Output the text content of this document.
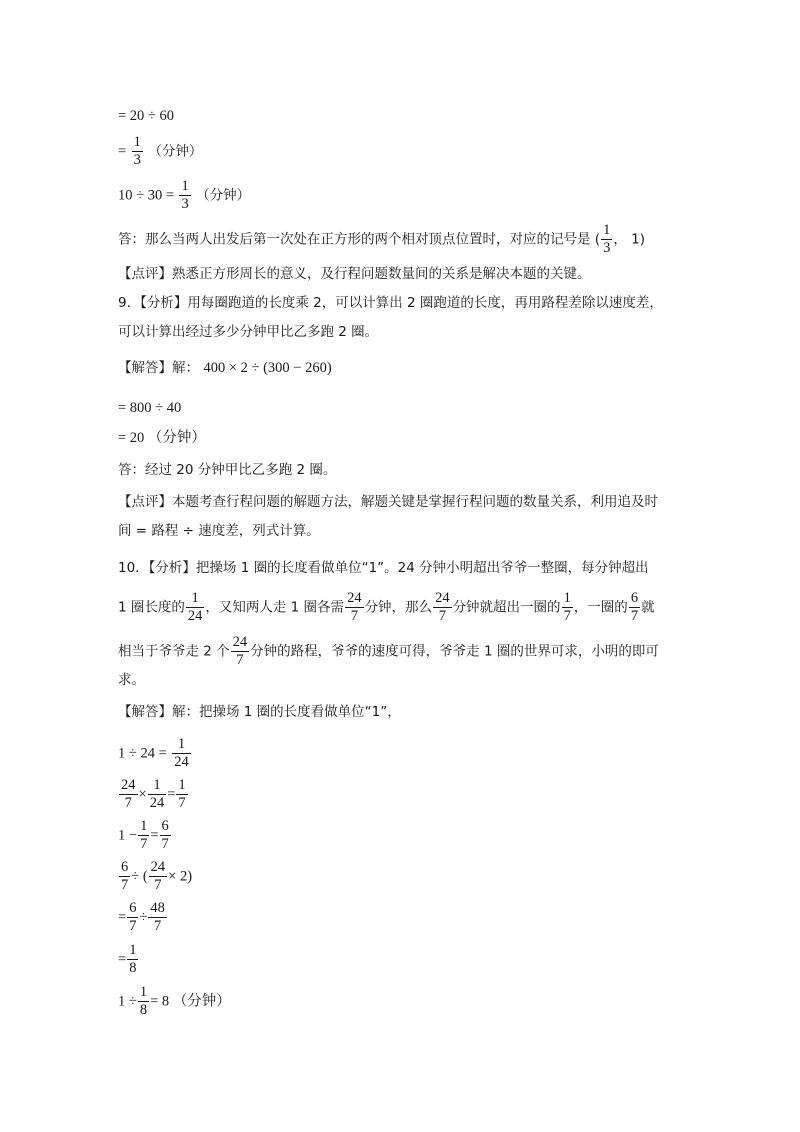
= 20 ÷ 60
= $\frac{1}{3}$ （分钟）
$10 \div 30 = \frac{1}{3}$ （分钟）
答：那么当两人出发后第一次处在正方形的两个相对顶点位置时，对应的记号是 ( $\frac{1}{3}$ ， 1)
【点评】熟悉正方形周长的意义，及行程问题数量间的关系是解决本题的关键。
9．【分析】用每圈跑道的长度乘 2，可以计算出 2 圈跑道的长度，再用路程差除以速度差，
可以计算出经过多少分钟甲比乙多跑 2 圈。
【解答】解： 400 × 2 ÷ (300 − 260)
= 800 ÷ 40
= 20 （分钟）
答：经过 20 分钟甲比乙多跑 2 圈。
【点评】本题考查行程问题的解题方法，解题关键是掌握行程问题的数量关系，利用追及时
间 = 路程 ÷ 速度差，列式计算。
10．【分析】把操场 1 圈的长度看做单位“1”。24 分钟小明超出爷爷一整圈，每分钟超出
1 圈长度的 $\frac{1}{24}$ ，又知两人走 1 圈各需 $\frac{24}{7}$ 分钟，那么 $\frac{24}{7}$ 分钟就超出一圈的 $\frac{1}{7}$ ，一圈的 $\frac{6}{7}$ 就
相当于爷爷走 2 个 $\frac{24}{7}$ 分钟的路程，爷爷的速度可得，爷爷走 1 圈的世界可求，小明的即可
求。
【解答】解：把操场 1 圈的长度看做单位“1”，
$1 \div 24 = \frac{1}{24}$
$\frac{24}{7} \times \frac{1}{24} = \frac{1}{7}$
$1 - \frac{1}{7} = \frac{6}{7}$
$\frac{6}{7}$ ÷ ( $\frac{24}{7} \times 2$)
= $\frac{6}{7} \div \frac{48}{7}$
= $\frac{1}{8}$
$1 \div \frac{1}{8} = 8$ （分钟）
